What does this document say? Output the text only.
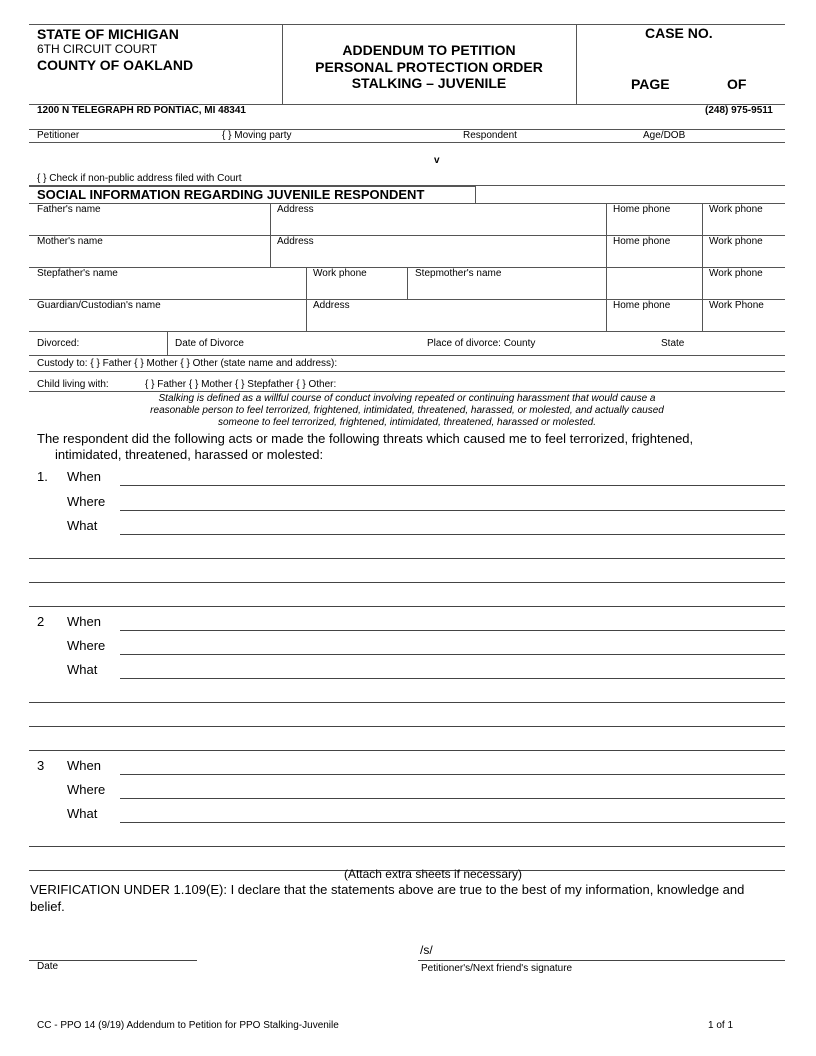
STATE OF MICHIGAN
6TH CIRCUIT COURT
COUNTY OF OAKLAND
ADDENDUM TO PETITION
PERSONAL PROTECTION ORDER
STALKING – JUVENILE
CASE NO.
PAGE	OF
1200 N TELEGRAPH RD PONTIAC, MI 48341	(248) 975-9511
Petitioner	{ } Moving party	Respondent	Age/DOB
v
{ } Check if non-public address filed with Court
SOCIAL INFORMATION REGARDING JUVENILE RESPONDENT
Father's name	Address	Home phone	Work phone
Mother's name	Address	Home phone	Work phone
Stepfather's name	Work phone	Stepmother's name	Work phone
Guardian/Custodian's name	Address	Home phone	Work Phone
Divorced:	Date of Divorce	Place of divorce: County	State
Custody to: { } Father { } Mother { } Other (state name and address):
Child living with:	{ } Father { } Mother { } Stepfather { } Other:
Stalking is defined as a willful course of conduct involving repeated or continuing harassment that would cause a
reasonable person to feel terrorized, frightened, intimidated, threatened, harassed, or molested, and actually caused
someone to feel terrorized, frightened, intimidated, threatened, harassed or molested.
The respondent did the following acts or made the following threats which caused me to feel terrorized, frightened,
intimidated, threatened, harassed or molested:
1. When
Where
What
2 When
Where
What
3 When
Where
What
(Attach extra sheets if necessary)
VERIFICATION UNDER 1.109(E): I declare that the statements above are true to the best of my information, knowledge and
belief.
Date
/s/
Petitioner's/Next friend's signature
CC - PPO 14 (9/19) Addendum to Petition for PPO Stalking-Juvenile	1 of 1
